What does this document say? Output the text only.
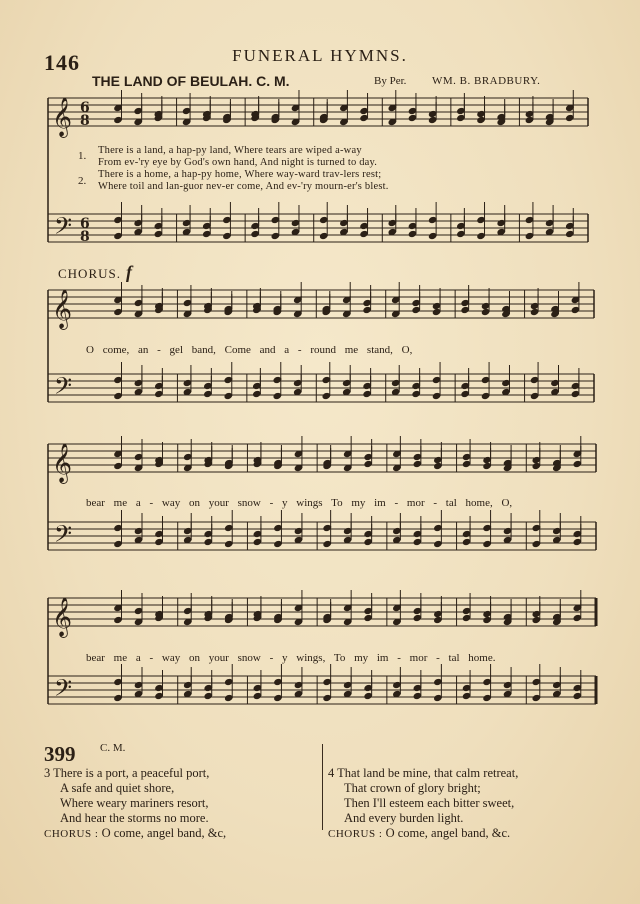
146	FUNERAL HYMNS.
THE LAND OF BEULAH. C. M.	By Per. WM. B. BRADBURY.
𝄞
𝄢
𝄞
𝄢
𝄞
𝄢
𝄞
𝄢
6
8
6
8
1. There is a land, a hap-py land, Where tears are wiped a-way
From ev-'ry eye by God's own hand, And night is turned to day.
2.
There is a home, a hap-py home, Where way-ward trav-lers rest;
Where toil and lan-guor nev-er come, And ev-'ry mourn-er's blest.
CHORUS. f
O come, an - gel band, Come and a - round me stand, O,
bear me a - way on your snow - y wings To my im - mor - tal home, O,
bear me a - way on your snow - y wings, To my im - mor - tal home.
399 C. M.
3 There is a port, a peaceful port,
A safe and quiet shore,
Where weary mariners resort,
And hear the storms no more.
CHORUS : O come, angel band, &c,
4 That land be mine, that calm retreat,
That crown of glory bright;
Then I'll esteem each bitter sweet,
And every burden light.
CHORUS : O come, angel band, &c.
